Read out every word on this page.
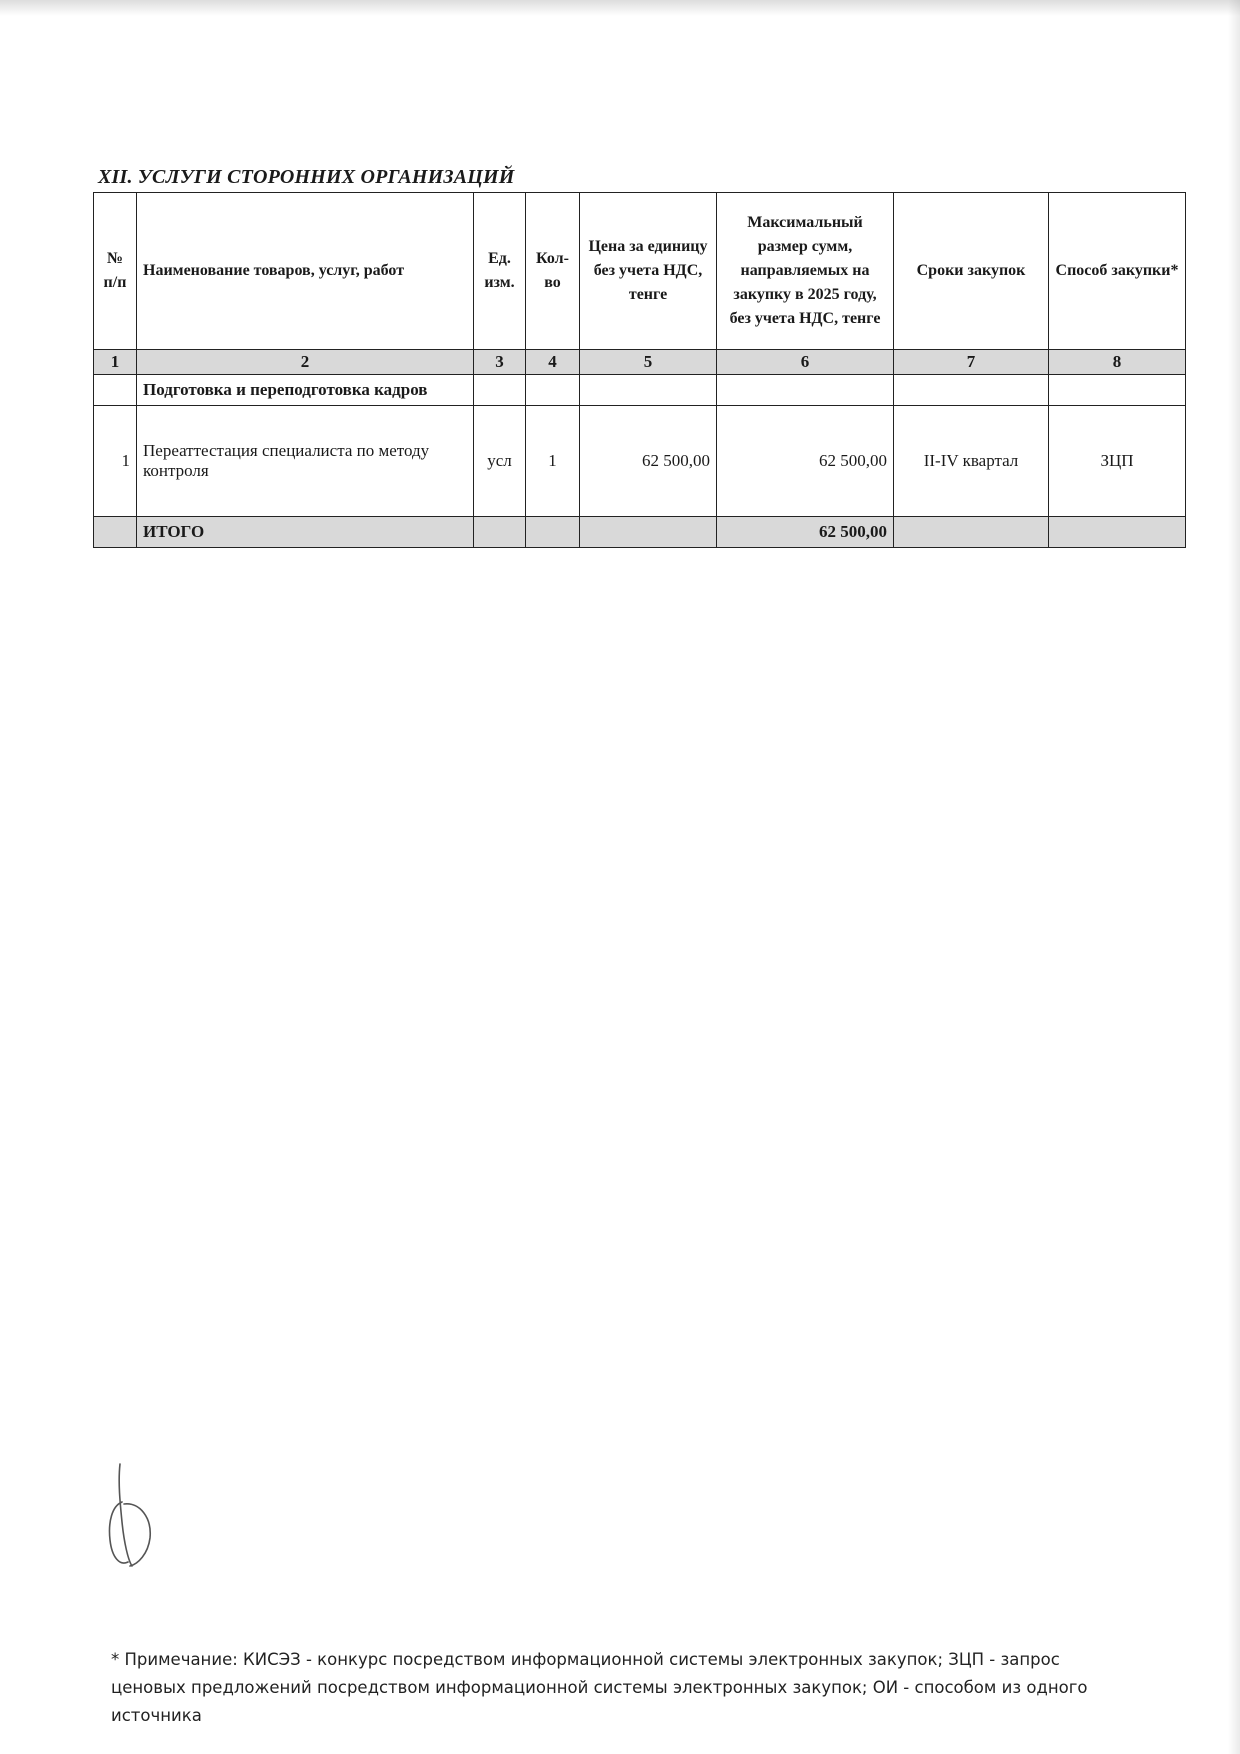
XII. УСЛУГИ СТОРОННИХ ОРГАНИЗАЦИЙ
№ п/п	Наименование товаров, услуг, работ	Ед. изм.	Кол-во	Цена за единицу без учета НДС, тенге	Максимальный размер сумм, направляемых на закупку в 2025 году, без учета НДС, тенге	Сроки закупок	Способ закупки*
1	2	3	4	5	6	7	8
	Подготовка и переподготовка кадров						
1	Переаттестация специалиста по методу контроля	усл	1	62 500,00	62 500,00	II-IV квартал	ЗЦП
	ИТОГО				62 500,00		
* Примечание: КИСЭЗ - конкурс посредством информационной системы электронных закупок; ЗЦП - запрос ценовых предложений посредством информационной системы электронных закупок; ОИ - способом из одного источника
